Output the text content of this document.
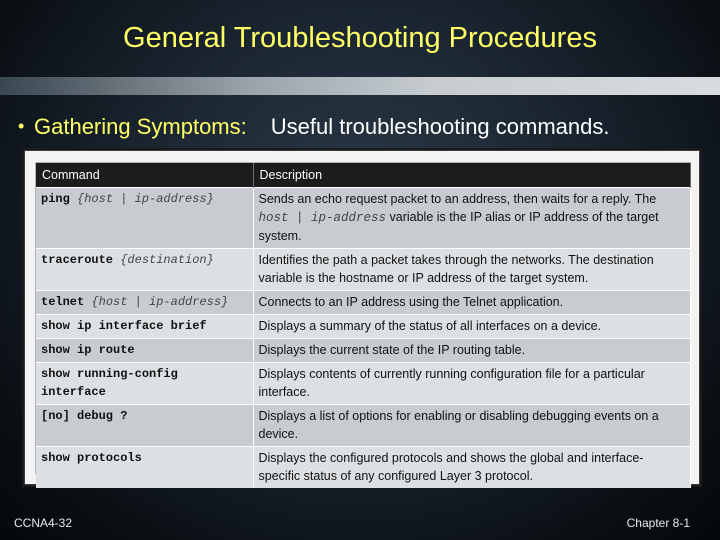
General Troubleshooting Procedures
• Gathering Symptoms: Useful troubleshooting commands.
Command	Description
ping {host | ip-address}	Sends an echo request packet to an address, then waits for a reply. The host | ip-address variable is the IP alias or IP address of the target system.
traceroute {destination}	Identifies the path a packet takes through the networks. The destination variable is the hostname or IP address of the target system.
telnet {host | ip-address}	Connects to an IP address using the Telnet application.
show ip interface brief	Displays a summary of the status of all interfaces on a device.
show ip route	Displays the current state of the IP routing table.
show running-config interface	Displays contents of currently running configuration file for a particular interface.
[no] debug ?	Displays a list of options for enabling or disabling debugging events on a device.
show protocols	Displays the configured protocols and shows the global and interface-specific status of any configured Layer 3 protocol.
CCNA4-32	Chapter 8-1
